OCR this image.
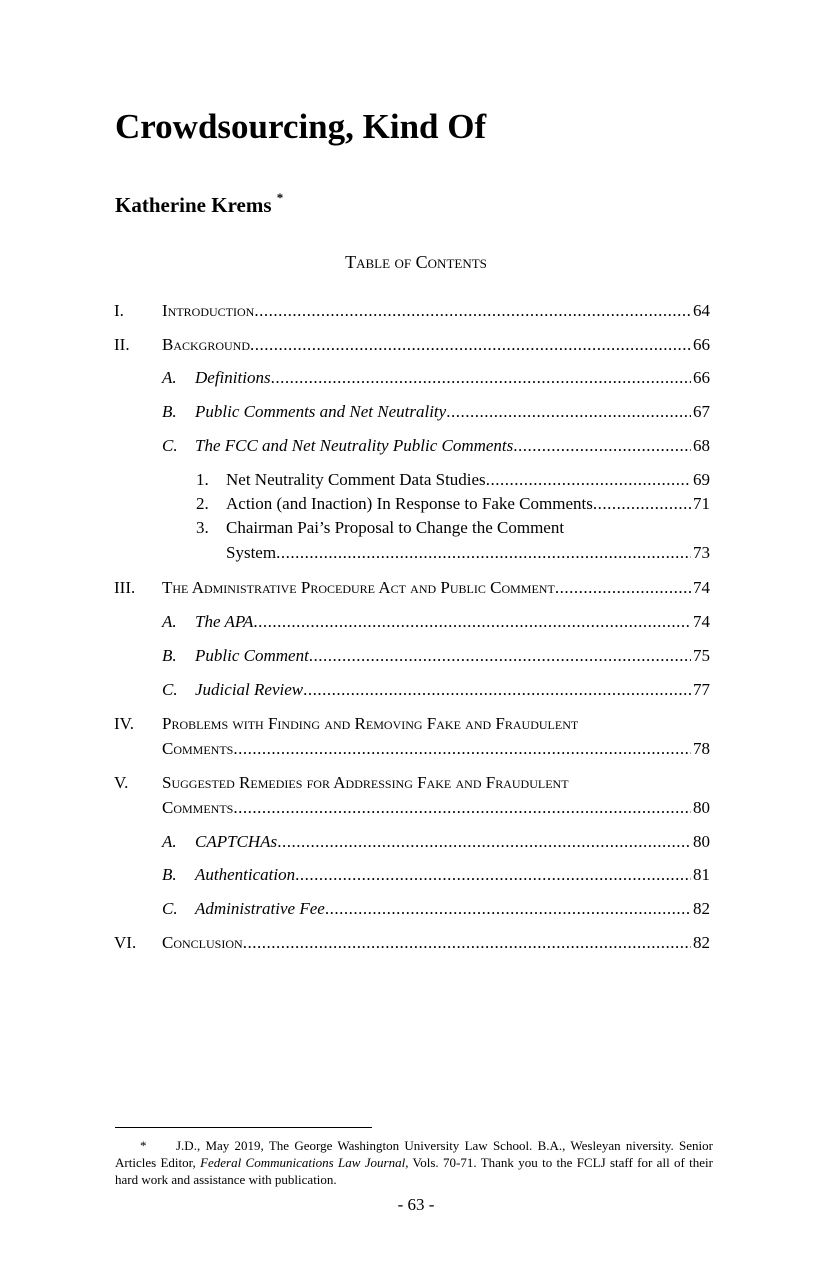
Crowdsourcing, Kind Of

Katherine Krems *

Table of Contents
I. Introduction .....	64
II. Background .....	66
A. Definitions .....	66
B. Public Comments and Net Neutrality .....	67
C. The FCC and Net Neutrality Public Comments .....	68
1. Net Neutrality Comment Data Studies .....	69
2. Action (and Inaction) In Response to Fake Comments .....	71
3. Chairman Pai’s Proposal to Change the Comment
System .....	73
III. The Administrative Procedure Act and Public Comment .....	74
A. The APA .....	74
B. Public Comment .....	75
C. Judicial Review .....	77
IV. Problems with Finding and Removing Fake and Fraudulent
Comments .....	78
V. Suggested Remedies for Addressing Fake and Fraudulent
Comments .....	80
A. CAPTCHAs .....	80
B. Authentication .....	81
C. Administrative Fee .....	82
VI. Conclusion .....	82
* J.D., May 2019, The George Washington University Law School. B.A., Wesleyan niversity. Senior Articles Editor, Federal Communications Law Journal, Vols. 70-71. Thank you to the FCLJ staff for all of their hard work and assistance with publication.
- 63 -
